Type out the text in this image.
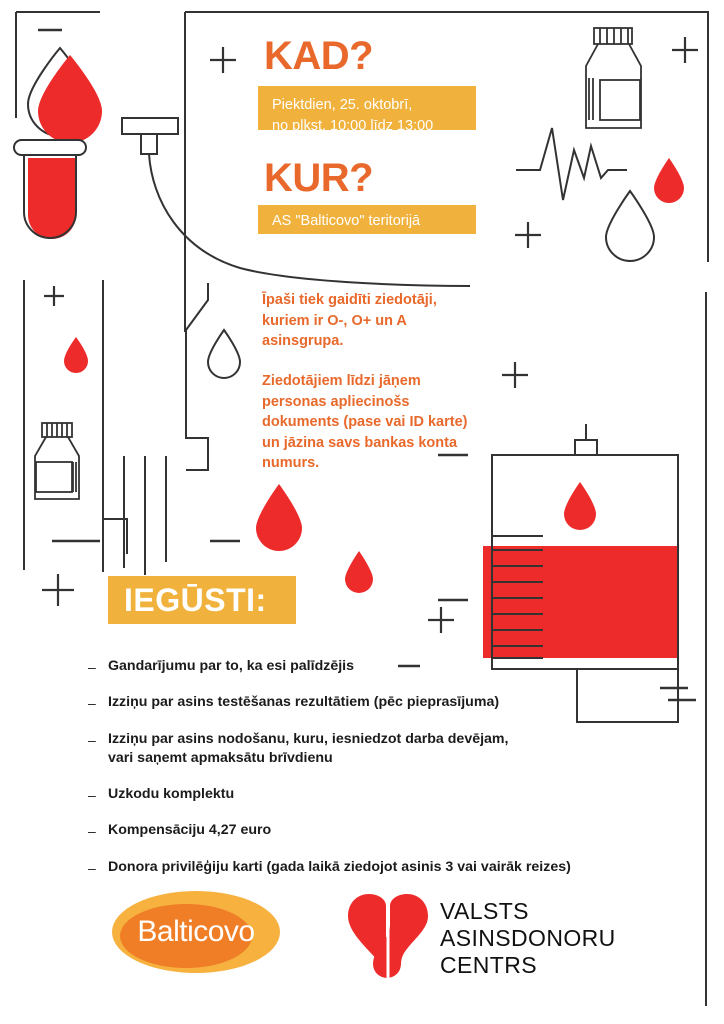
KAD?
Piektdien, 25. oktobrī,
no plkst. 10:00 līdz 13:00
KUR?
AS "Balticovo" teritorijā
Īpaši tiek gaidīti ziedotāji, kuriem ir O-, O+ un A asinsgrupa.
Ziedotājiem līdzi jāņem personas apliecinošs dokuments (pase vai ID karte) un jāzina savs bankas konta numurs.
IEGŪSTI:
– Gandarījumu par to, ka esi palīdzējis
– Izziņu par asins testēšanas rezultātiem (pēc pieprasījuma)
– Izziņu par asins nodošanu, kuru, iesniedzot darba devējam,
vari saņemt apmaksātu brīvdienu
– Uzkodu komplektu
– Kompensāciju 4,27 euro
– Donora privilēģiju karti (gada laikā ziedojot asinis 3 vai vairāk reizes)
Balticovo
VALSTS
ASINSDONORU
CENTRS
